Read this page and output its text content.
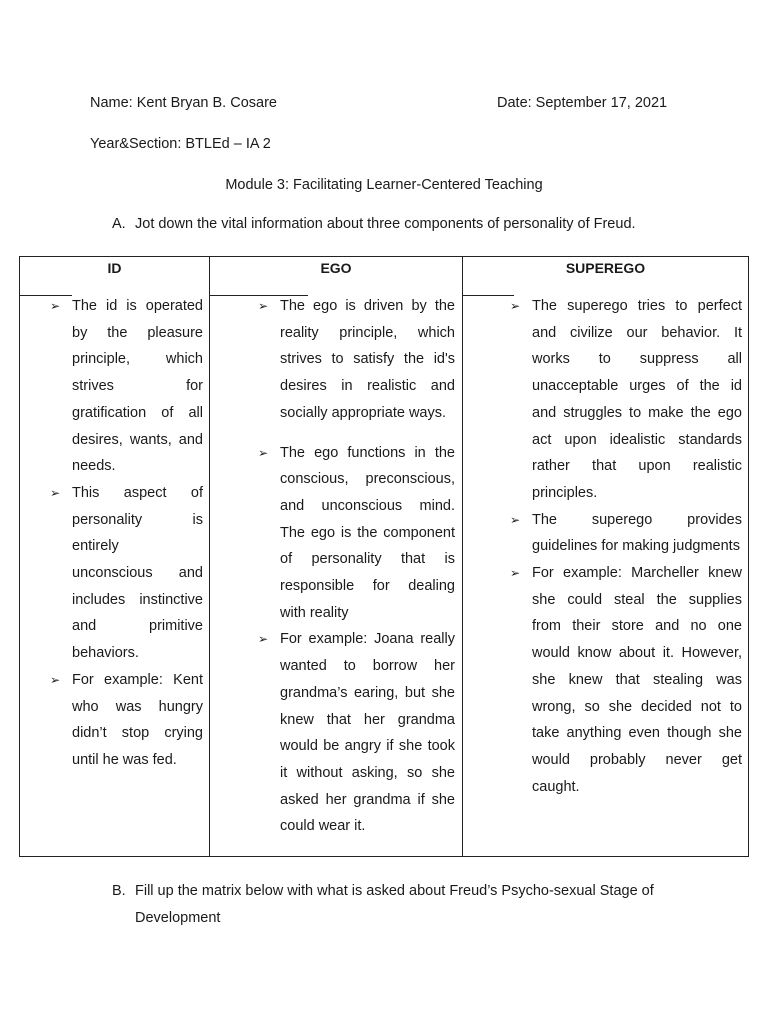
Name: Kent Bryan B. Cosare	Date: September 17, 2021
Year&Section: BTLEd – IA 2
Module 3: Facilitating Learner-Centered Teaching
A. Jot down the vital information about three components of personality of Freud.
ID
➢ The id is operated by the pleasure principle, which strives for gratification of all desires, wants, and needs.
➢ This aspect of personality is entirely unconscious and includes instinctive and primitive behaviors.
➢ For example: Kent who was hungry didn’t stop crying until he was fed.
EGO
➢ The ego is driven by the reality principle, which strives to satisfy the id's desires in realistic and socially appropriate ways.
➢ The ego functions in the conscious, preconscious, and unconscious mind. The ego is the component of personality that is responsible for dealing with reality
➢ For example: Joana really wanted to borrow her grandma’s earing, but she knew that her grandma would be angry if she took it without asking, so she asked her grandma if she could wear it.
SUPEREGO
➢ The superego tries to perfect and civilize our behavior. It works to suppress all unacceptable urges of the id and struggles to make the ego act upon idealistic standards rather that upon realistic principles.
➢ The superego provides guidelines for making judgments
➢ For example: Marcheller knew she could steal the supplies from their store and no one would know about it. However, she knew that stealing was wrong, so she decided not to take anything even though she would probably never get caught.
B. Fill up the matrix below with what is asked about Freud’s Psycho-sexual Stage of Development
